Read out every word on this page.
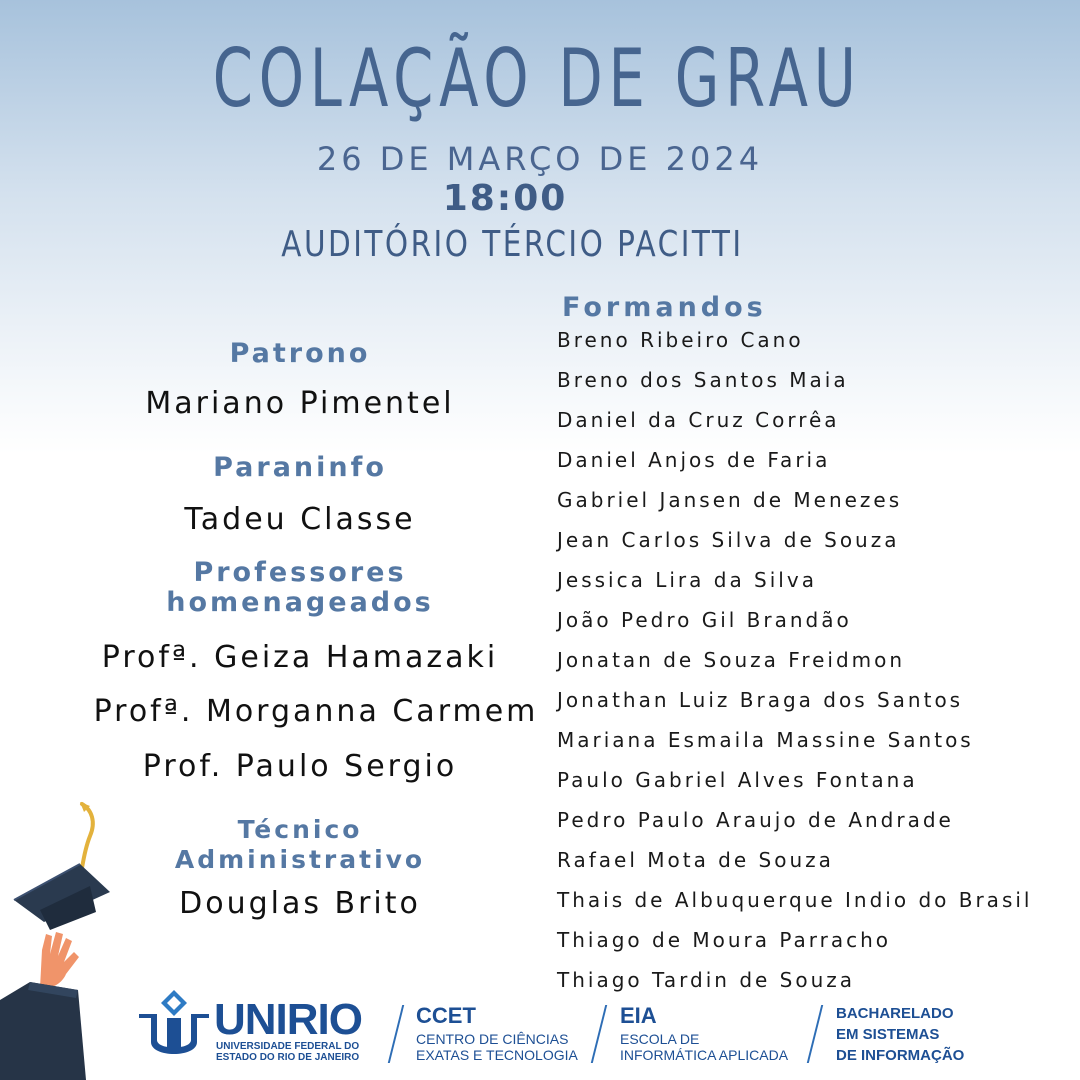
COLAÇÃO DE GRAU
26 DE MARÇO DE 2024
18:00
AUDITÓRIO TÉRCIO PACITTI
Patrono
Mariano Pimentel
Paraninfo
Tadeu Classe
Professores
homenageados
Profª. Geiza Hamazaki
Profª. Morganna Carmem
Prof. Paulo Sergio
Técnico
Administrativo
Douglas Brito
Formandos
Breno Ribeiro Cano
Breno dos Santos Maia
Daniel da Cruz Corrêa
Daniel Anjos de Faria
Gabriel Jansen de Menezes
Jean Carlos Silva de Souza
Jessica Lira da Silva
João Pedro Gil Brandão
Jonatan de Souza Freidmon
Jonathan Luiz Braga dos Santos
Mariana Esmaila Massine Santos
Paulo Gabriel Alves Fontana
Pedro Paulo Araujo de Andrade
Rafael Mota de Souza
Thais de Albuquerque Indio do Brasil
Thiago de Moura Parracho
Thiago Tardin de Souza
UNIRIO
UNIVERSIDADE FEDERAL DO
ESTADO DO RIO DE JANEIRO
CCET
CENTRO DE CIÊNCIAS
EXATAS E TECNOLOGIA
EIA
ESCOLA DE
INFORMÁTICA APLICADA
BACHARELADO
EM SISTEMAS
DE INFORMAÇÃO
